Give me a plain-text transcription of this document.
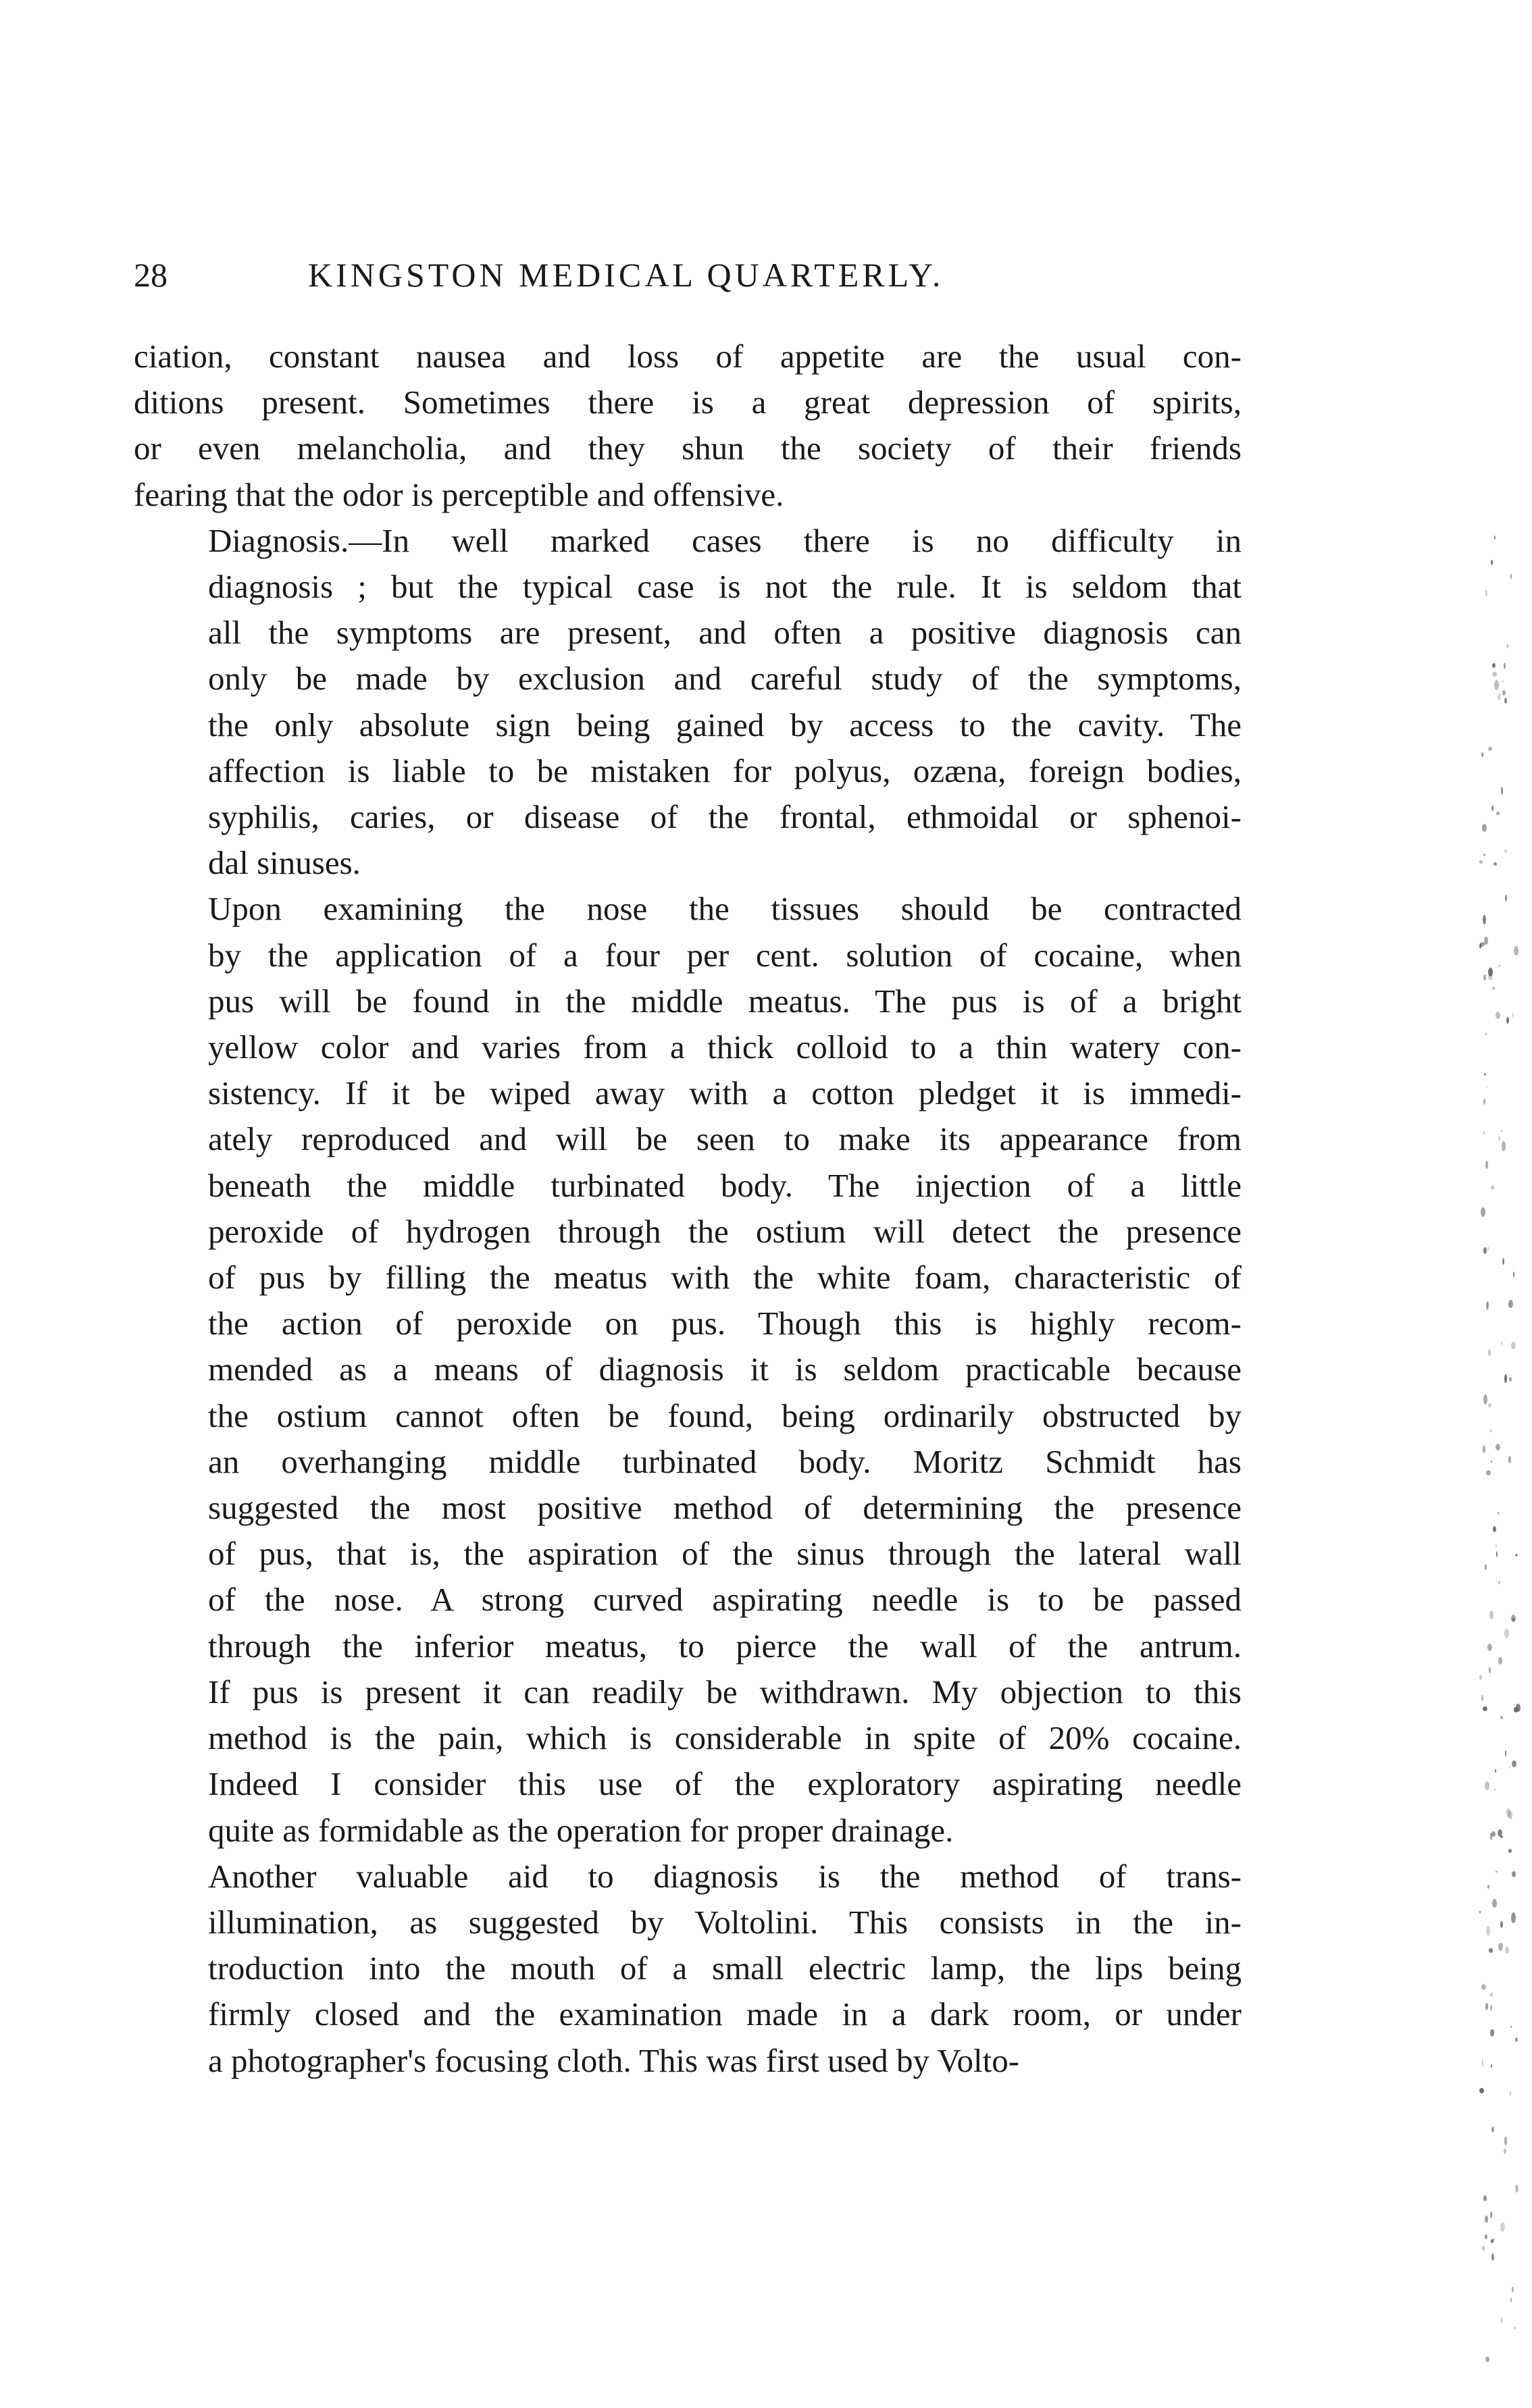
28	KINGSTON MEDICAL QUARTERLY.

ciation, constant nausea and loss of appetite are the usual con-
ditions present. Sometimes there is a great depression of spirits,
or even melancholia, and they shun the society of their friends
fearing that the odor is perceptible and offensive.

Diagnosis.—In well marked cases there is no difficulty in
diagnosis ; but the typical case is not the rule. It is seldom that
all the symptoms are present, and often a positive diagnosis can
only be made by exclusion and careful study of the symptoms,
the only absolute sign being gained by access to the cavity. The
affection is liable to be mistaken for polyus, ozæna, foreign bodies,
syphilis, caries, or disease of the frontal, ethmoidal or sphenoi-
dal sinuses.

Upon examining the nose the tissues should be contracted
by the application of a four per cent. solution of cocaine, when
pus will be found in the middle meatus. The pus is of a bright
yellow color and varies from a thick colloid to a thin watery con-
sistency. If it be wiped away with a cotton pledget it is immedi-
ately reproduced and will be seen to make its appearance from
beneath the middle turbinated body. The injection of a little
peroxide of hydrogen through the ostium will detect the presence
of pus by filling the meatus with the white foam, characteristic of
the action of peroxide on pus. Though this is highly recom-
mended as a means of diagnosis it is seldom practicable because
the ostium cannot often be found, being ordinarily obstructed by
an overhanging middle turbinated body. Moritz Schmidt has
suggested the most positive method of determining the presence
of pus, that is, the aspiration of the sinus through the lateral wall
of the nose. A strong curved aspirating needle is to be passed
through the inferior meatus, to pierce the wall of the antrum.
If pus is present it can readily be withdrawn. My objection to this
method is the pain, which is considerable in spite of 20% cocaine.
Indeed I consider this use of the exploratory aspirating needle
quite as formidable as the operation for proper drainage.

Another valuable aid to diagnosis is the method of trans-
illumination, as suggested by Voltolini. This consists in the in-
troduction into the mouth of a small electric lamp, the lips being
firmly closed and the examination made in a dark room, or under
a photographer's focusing cloth. This was first used by Volto-
